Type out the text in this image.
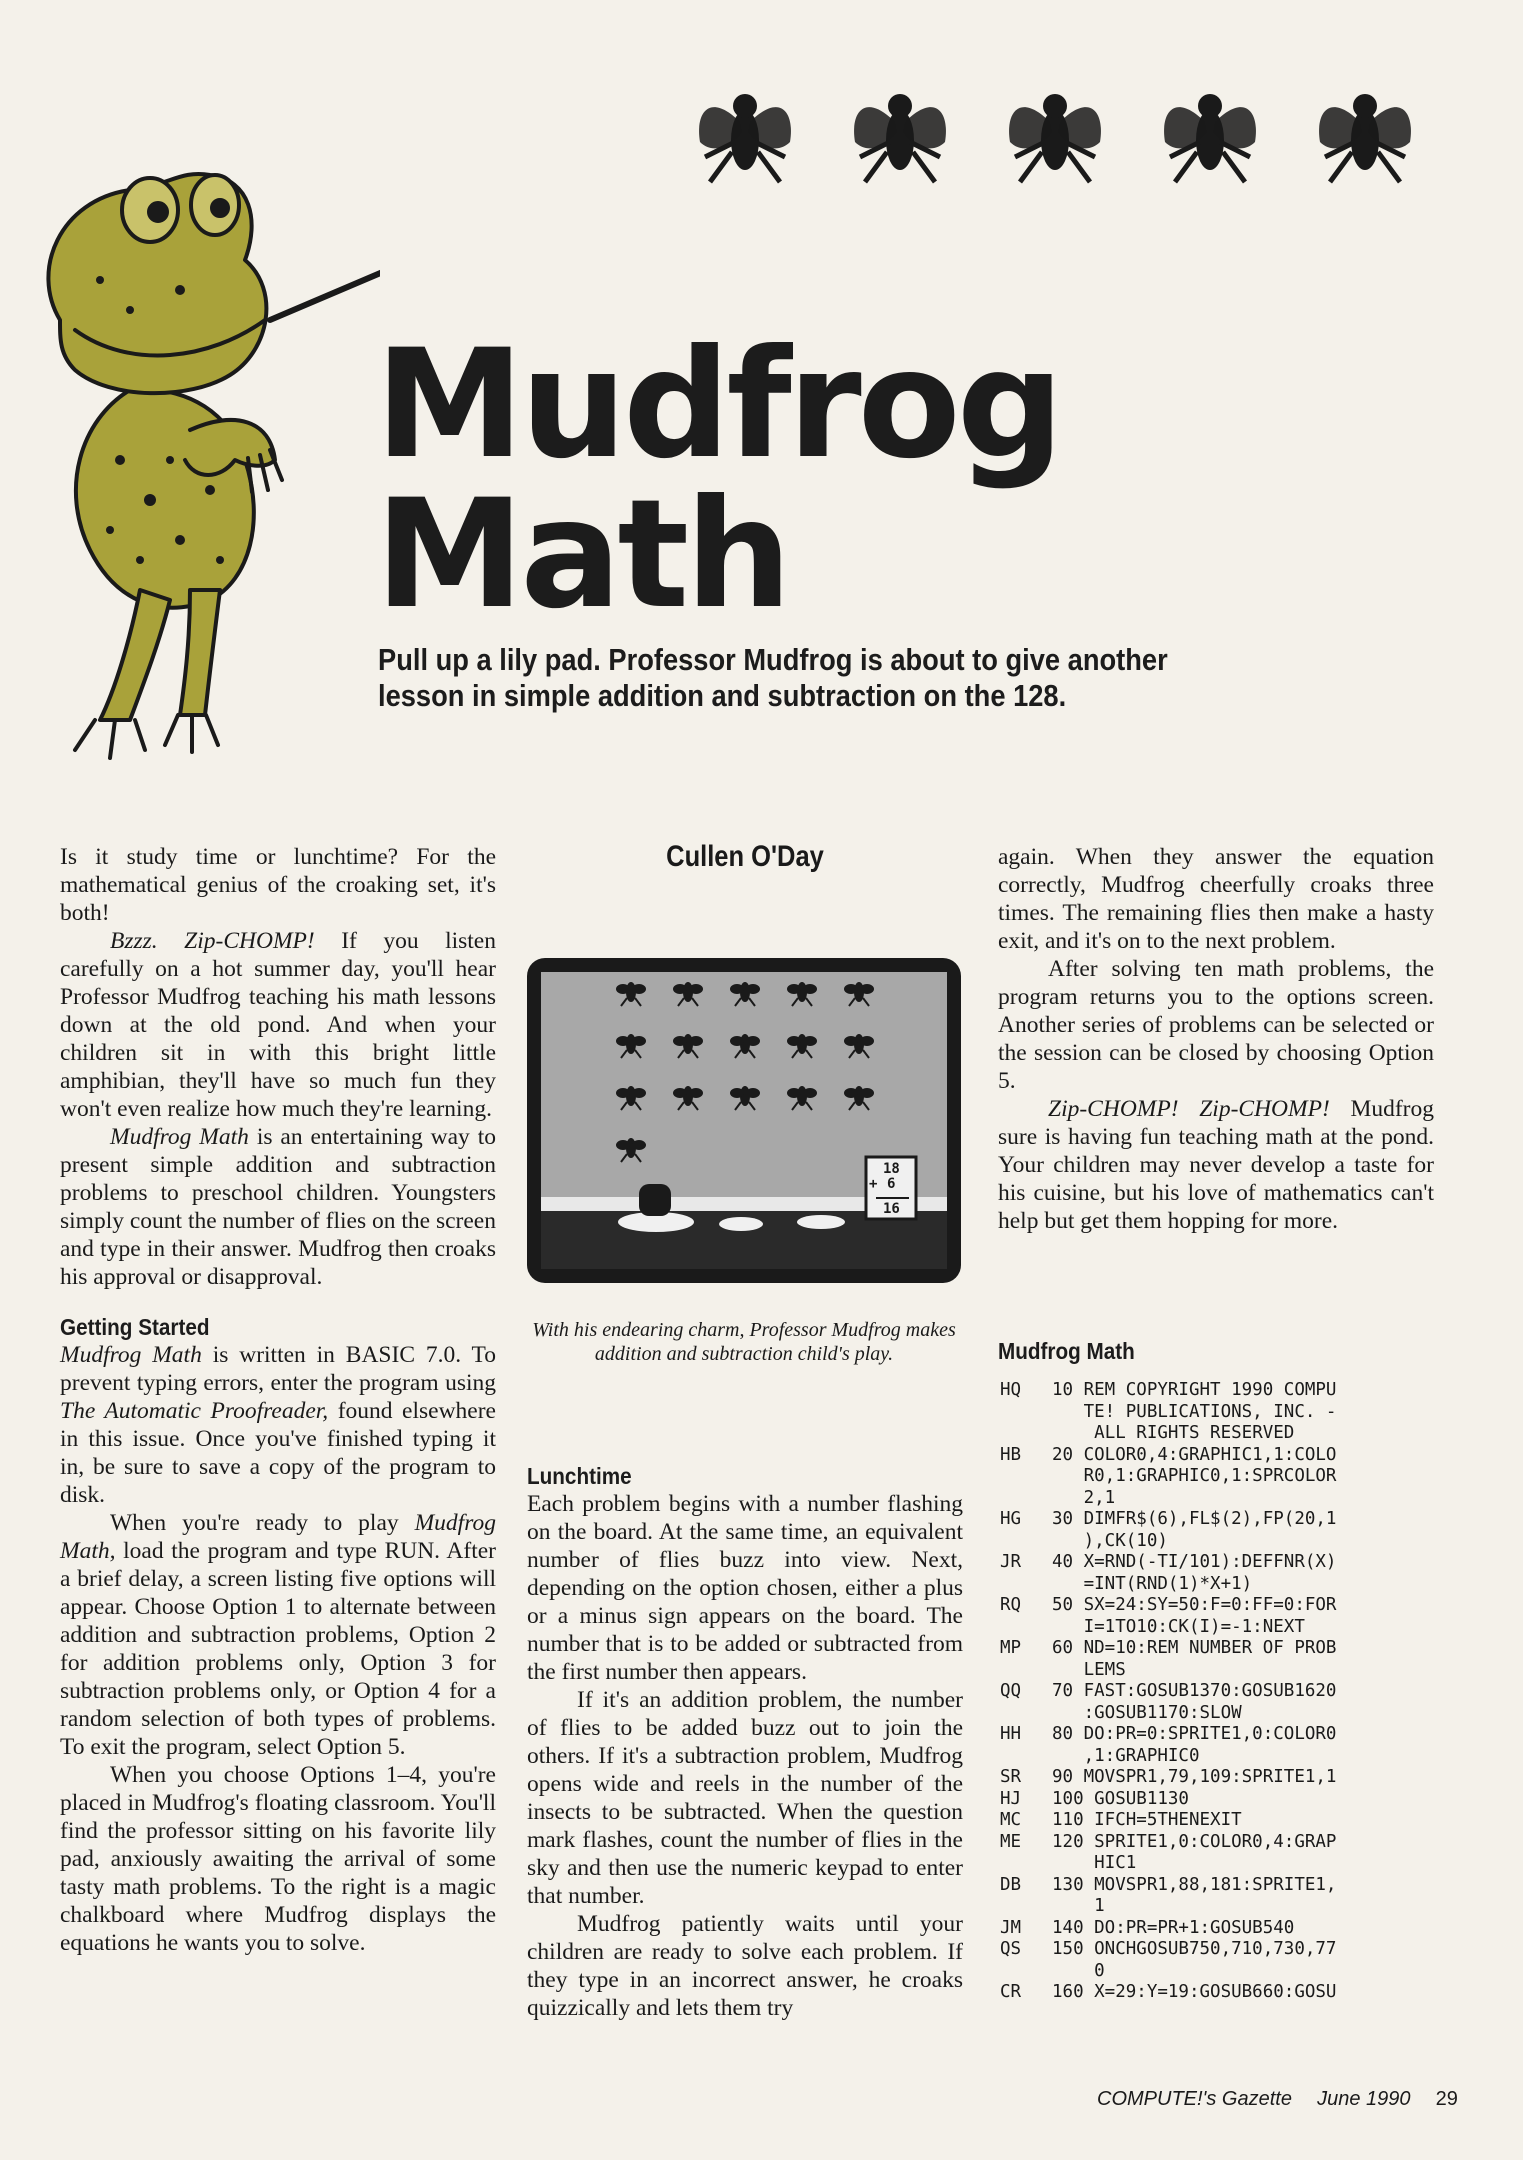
Mudfrog
Math
Pull up a lily pad. Professor Mudfrog is about to give another lesson in simple addition and subtraction on the 128.

Is it study time or lunchtime? For the mathematical genius of the croaking set, it's both!

Bzzz. Zip-CHOMP! If you listen carefully on a hot summer day, you'll hear Professor Mudfrog teaching his math lessons down at the old pond. And when your children sit in with this bright little amphibian, they'll have so much fun they won't even realize how much they're learning.

Mudfrog Math is an entertaining way to present simple addition and subtraction problems to preschool children. Youngsters simply count the number of flies on the screen and type in their answer. Mudfrog then croaks his approval or disapproval.

Getting Started

Mudfrog Math is written in BASIC 7.0. To prevent typing errors, enter the program using The Automatic Proofreader, found elsewhere in this issue. Once you've finished typing it in, be sure to save a copy of the program to disk.

When you're ready to play Mudfrog Math, load the program and type RUN. After a brief delay, a screen listing five options will appear. Choose Option 1 to alternate between addition and subtraction problems, Option 2 for addition problems only, Option 3 for subtraction problems only, or Option 4 for a random selection of both types of problems. To exit the program, select Option 5.

When you choose Options 1–4, you're placed in Mudfrog's floating classroom. You'll find the professor sitting on his favorite lily pad, anxiously awaiting the arrival of some tasty math problems. To the right is a magic chalkboard where Mudfrog displays the equations he wants you to solve.

Cullen O'Day
18
+ 6
16
With his endearing charm, Professor Mudfrog makes addition and subtraction child's play.
Lunchtime

Each problem begins with a number flashing on the board. At the same time, an equivalent number of flies buzz into view. Next, depending on the option chosen, either a plus or a minus sign appears on the board. The number that is to be added or subtracted from the first number then appears.

If it's an addition problem, the number of flies to be added buzz out to join the others. If it's a subtraction problem, Mudfrog opens wide and reels in the number of the insects to be subtracted. When the question mark flashes, count the number of flies in the sky and then use the numeric keypad to enter that number.

Mudfrog patiently waits until your children are ready to solve each problem. If they type in an incorrect answer, he croaks quizzically and lets them try

again. When they answer the equation correctly, Mudfrog cheerfully croaks three times. The remaining flies then make a hasty exit, and it's on to the next problem.

After solving ten math problems, the program returns you to the options screen. Another series of problems can be selected or the session can be closed by choosing Option 5.

Zip-CHOMP! Zip-CHOMP! Mudfrog sure is having fun teaching math at the pond. Your children may never develop a taste for his cuisine, but his love of mathematics can't help but get them hopping for more.

Mudfrog Math
HQ	10 REM COPYRIGHT 1990 COMPU
TE! PUBLICATIONS, INC. -
ALL RIGHTS RESERVED
HB	20 COLOR0,4:GRAPHIC1,1:COLO
R0,1:GRAPHIC0,1:SPRCOLOR
2,1
HG	30 DIMFR$(6),FL$(2),FP(20,1
),CK(10)
JR	40 X=RND(-TI/101):DEFFNR(X)
=INT(RND(1)*X+1)
RQ	50 SX=24:SY=50:F=0:FF=0:FOR
I=1TO10:CK(I)=-1:NEXT
MP	60 ND=10:REM NUMBER OF PROB
LEMS
QQ	70 FAST:GOSUB1370:GOSUB1620
:GOSUB1170:SLOW
HH	80 DO:PR=0:SPRITE1,0:COLOR0
,1:GRAPHIC0
SR	90 MOVSPR1,79,109:SPRITE1,1
HJ	100 GOSUB1130
MC	110 IFCH=5THENEXIT
ME	120 SPRITE1,0:COLOR0,4:GRAP
HIC1
DB	130 MOVSPR1,88,181:SPRITE1,
1
JM	140 DO:PR=PR+1:GOSUB540
QS	150 ONCHGOSUB750,710,730,77
0
CR	160 X=29:Y=19:GOSUB660:GOSU
COMPUTE!'s Gazette June 1990 29
